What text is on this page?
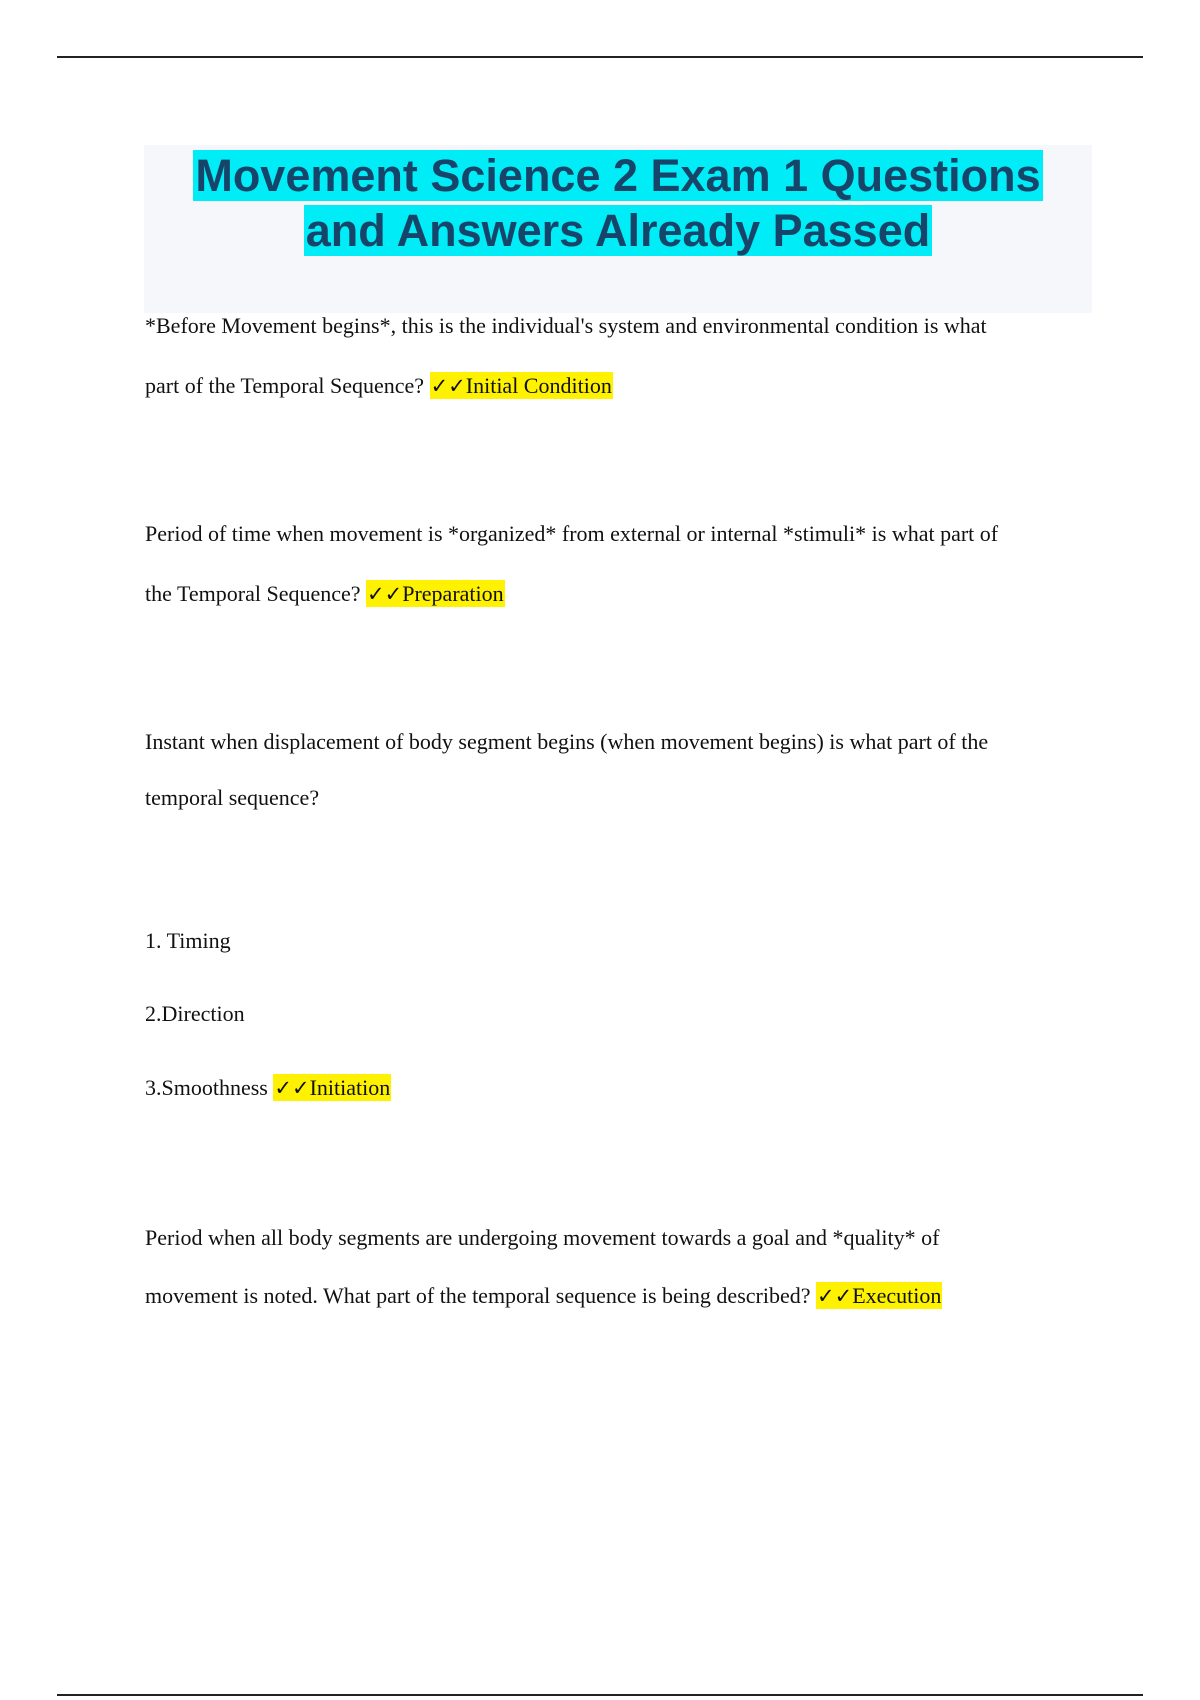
Movement Science 2 Exam 1 Questions
and Answers Already Passed
*Before Movement begins*, this is the individual's system and environmental condition is what
part of the Temporal Sequence? ✓✓Initial Condition
Period of time when movement is *organized* from external or internal *stimuli* is what part of
the Temporal Sequence? ✓✓Preparation
Instant when displacement of body segment begins (when movement begins) is what part of the
temporal sequence?
1. Timing
2.Direction
3.Smoothness ✓✓Initiation
Period when all body segments are undergoing movement towards a goal and *quality* of
movement is noted. What part of the temporal sequence is being described? ✓✓Execution
